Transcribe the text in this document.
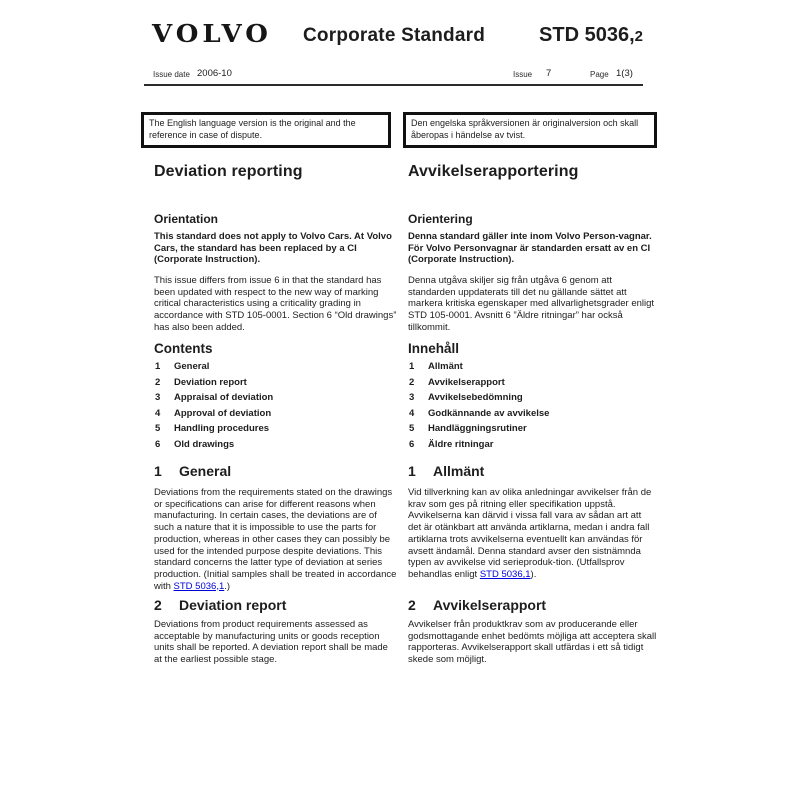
VOLVO Corporate Standard	STD 5036,2
Issue date 2006-10	Issue 7	Page 1(3)
The English language version is the original and the reference in case of dispute.
Den engelska språkversionen är originalversion och skall åberopas i händelse av tvist.
Deviation reporting
Orientation

This standard does not apply to Volvo Cars. At Volvo Cars, the standard has been replaced by a CI (Corporate Instruction).

This issue differs from issue 6 in that the standard has been updated with respect to the new way of marking critical characteristics using a criticality grading in accordance with STD 105-0001. Section 6 “Old drawings” has also been added.

Contents
1	General
2	Deviation report
3	Appraisal of deviation
4	Approval of deviation
5	Handling procedures
6	Old drawings
1 General

Deviations from the requirements stated on the drawings or specifications can arise for different reasons when manufacturing. In certain cases, the deviations are of such a nature that it is impossible to use the parts for production, whereas in other cases they can possibly be used for the intended purpose despite deviations. This standard concerns the latter type of deviation at series production. (Initial samples shall be treated in accordance with STD 5036,1.)

2 Deviation report

Deviations from product requirements assessed as acceptable by manufacturing units or goods reception units shall be reported. A deviation report shall be made at the earliest possible stage.

Avvikelserapportering
Orientering

Denna standard gäller inte inom Volvo Person-vagnar. För Volvo Personvagnar är standarden ersatt av en CI (Corporate Instruction).

Denna utgåva skiljer sig från utgåva 6 genom att standarden uppdaterats till det nu gällande sättet att markera kritiska egenskaper med allvarlighetsgrader enligt STD 105-0001. Avsnitt 6 ”Äldre ritningar” har också tillkommit.

Innehåll
1	Allmänt
2	Avvikelserapport
3	Avvikelsebedömning
4	Godkännande av avvikelse
5	Handläggningsrutiner
6	Äldre ritningar
1 Allmänt

Vid tillverkning kan av olika anledningar avvikelser från de krav som ges på ritning eller specifikation uppstå. Avvikelserna kan därvid i vissa fall vara av sådan art att det är otänkbart att använda artiklarna, medan i andra fall artiklarna trots avvikelserna eventuellt kan användas för avsett ändamål. Denna standard avser den sistnämnda typen av avvikelse vid serieproduk-tion. (Utfallsprov behandlas enligt STD 5036,1).

2 Avvikelserapport

Avvikelser från produktkrav som av producerande eller godsmottagande enhet bedömts möjliga att acceptera skall rapporteras. Avvikelserapport skall utfärdas i ett så tidigt skede som möjligt.
